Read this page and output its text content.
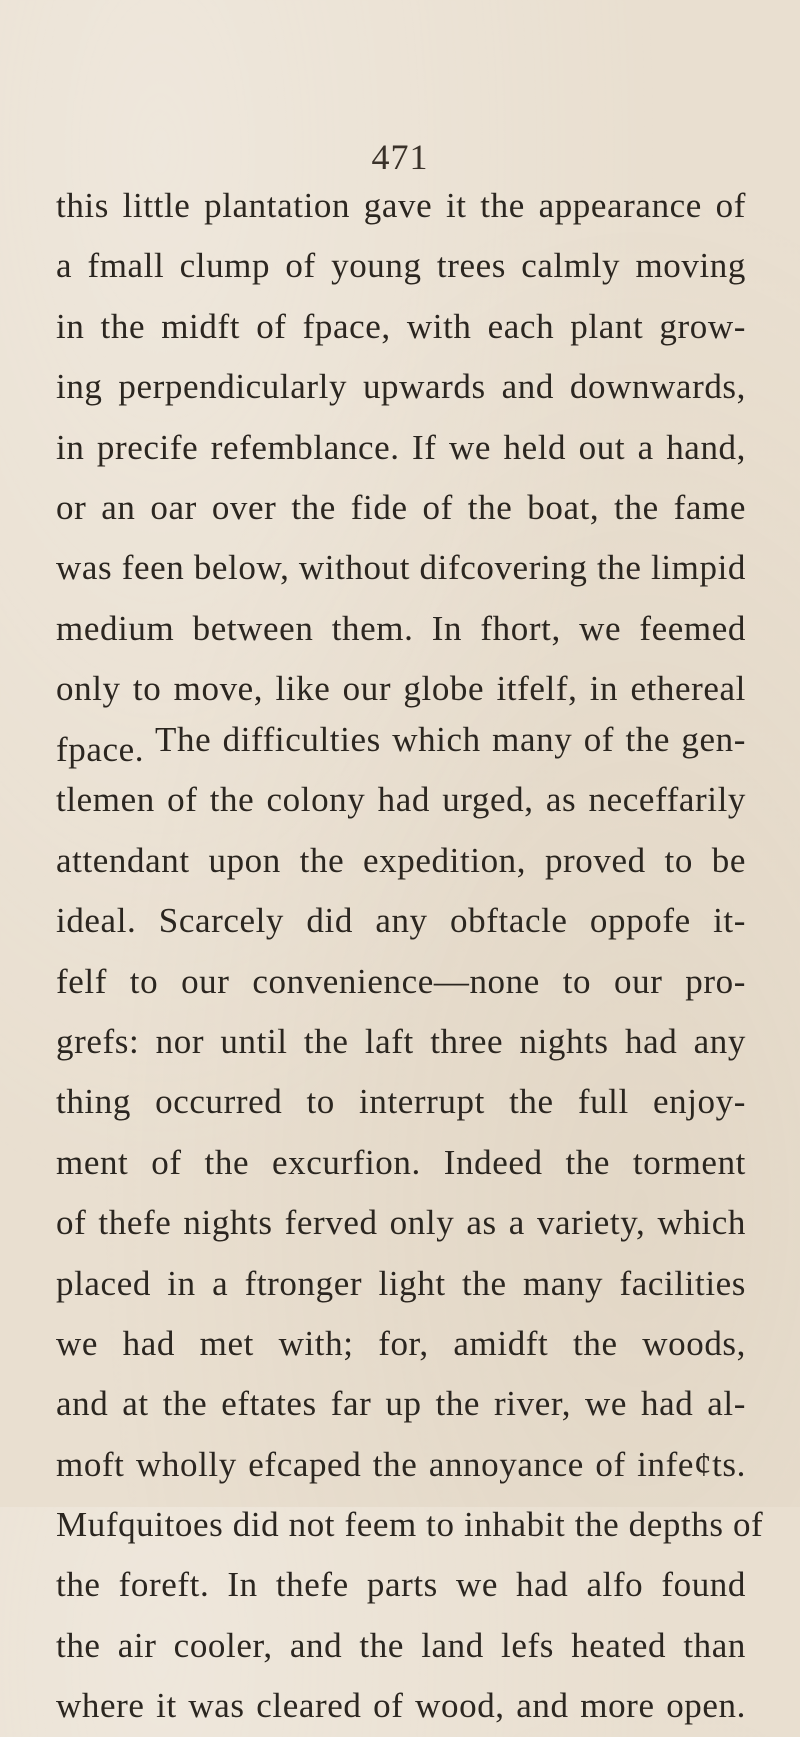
471
this little plantation gave it the appearance of
a fmall clump of young trees calmly moving
in the midft of fpace, with each plant grow-
ing perpendicularly upwards and downwards,
in precife refemblance. If we held out a hand,
or an oar over the fide of the boat, the fame
was feen below, without difcovering the limpid
medium between them. In fhort, we feemed
only to move, like our globe itfelf, in ethereal
fpace. The difficulties which many of the gen-
tlemen of the colony had urged, as neceffarily
attendant upon the expedition, proved to be
ideal. Scarcely did any obftacle oppofe it-
felf to our convenience—none to our pro-
grefs: nor until the laft three nights had any
thing occurred to interrupt the full enjoy-
ment of the excurfion. Indeed the torment
of thefe nights ferved only as a variety, which
placed in a ftronger light the many facilities
we had met with; for, amidft the woods,
and at the eftates far up the river, we had al-
moft wholly efcaped the annoyance of infeȼts.
Mufquitoes did not feem to inhabit the depths of
the foreft. In thefe parts we had alfo found
the air cooler, and the land lefs heated than
where it was cleared of wood, and more open.
